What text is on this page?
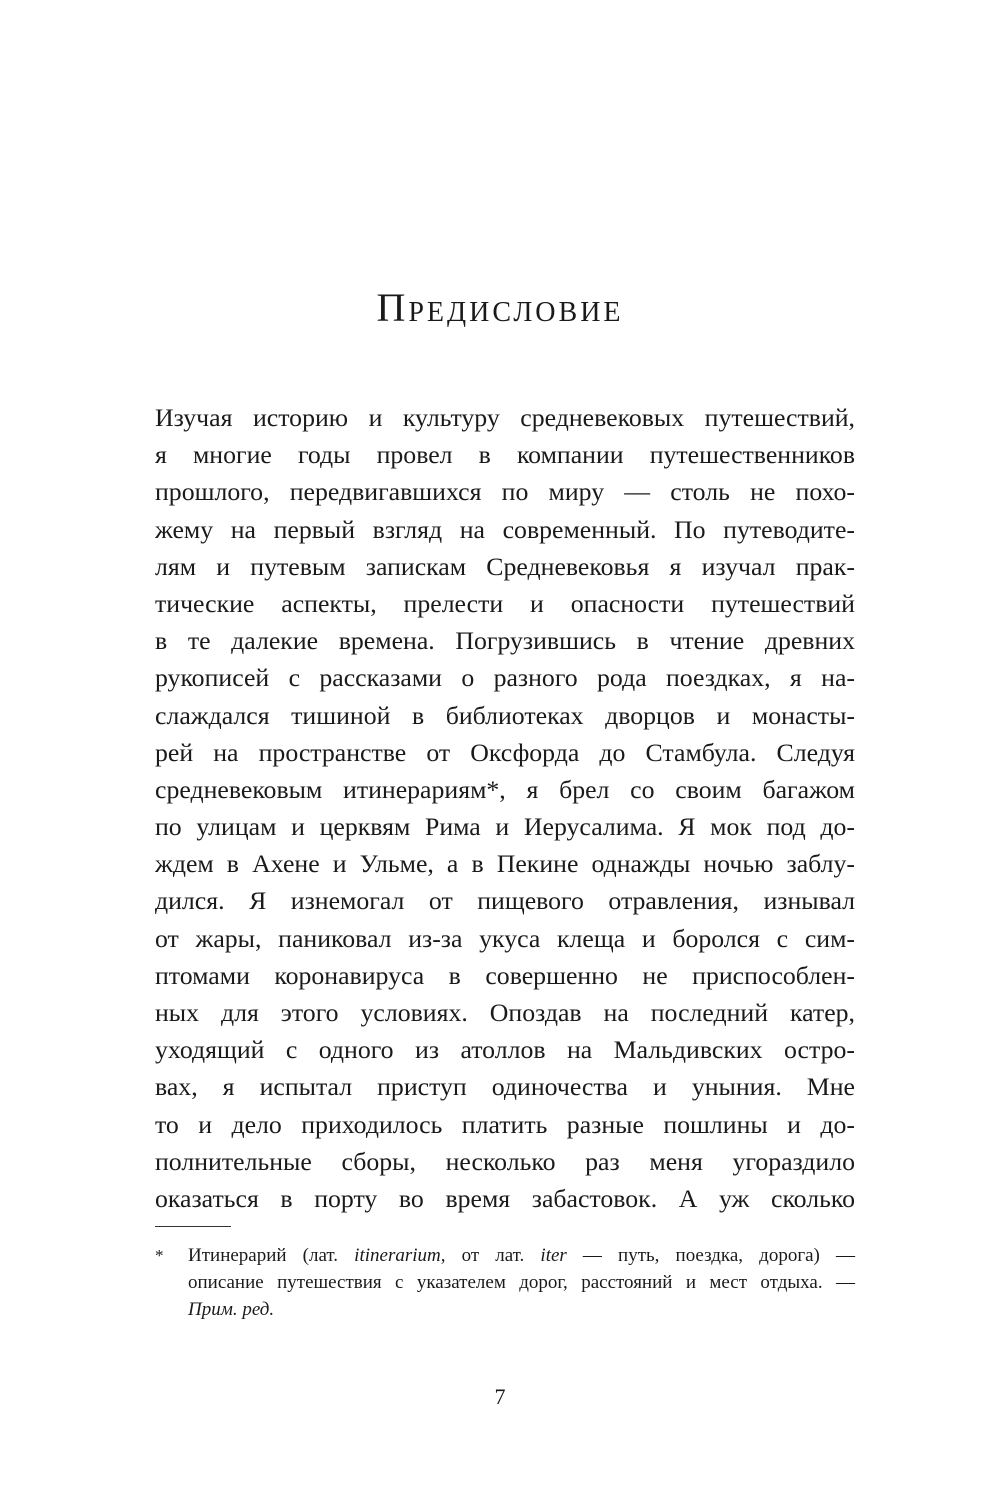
Предисловие
Изучая историю и культуру средневековых путешествий,
я многие годы провел в компании путешественников
прошлого, передвигавшихся по миру — столь не похо-
жему на первый взгляд на современный. По путеводите-
лям и путевым запискам Средневековья я изучал прак-
тические аспекты, прелести и опасности путешествий
в те далекие времена. Погрузившись в чтение древних
рукописей с рассказами о разного рода поездках, я на-
слаждался тишиной в библиотеках дворцов и монасты-
рей на пространстве от Оксфорда до Стамбула. Следуя
средневековым итинерариям*, я брел со своим багажом
по улицам и церквям Рима и Иерусалима. Я мок под до-
ждем в Ахене и Ульме, а в Пекине однажды ночью заблу-
дился. Я изнемогал от пищевого отравления, изнывал
от жары, паниковал из-за укуса клеща и боролся с сим-
птомами коронавируса в совершенно не приспособлен-
ных для этого условиях. Опоздав на последний катер,
уходящий с одного из атоллов на Мальдивских остро-
вах, я испытал приступ одиночества и уныния. Мне
то и дело приходилось платить разные пошлины и до-
полнительные сборы, несколько раз меня угораздило
оказаться в порту во время забастовок. А уж сколько
* Итинерарий (лат. itinerarium, от лат. iter — путь, поездка, дорога) —
описание путешествия с указателем дорог, расстояний и мест отдыха. —
Прим. ред.
7
